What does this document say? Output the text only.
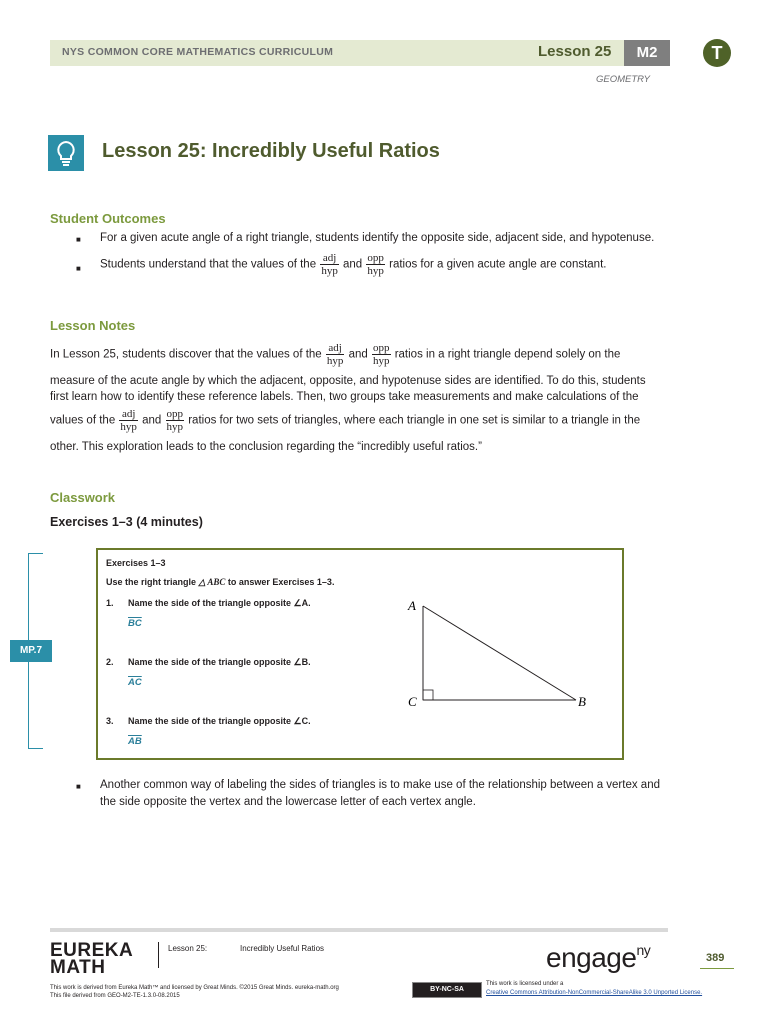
NYS COMMON CORE MATHEMATICS CURRICULUM	Lesson 25	M2
GEOMETRY
T
Lesson 25: Incredibly Useful Ratios
Student Outcomes
■ For a given acute angle of a right triangle, students identify the opposite side, adjacent side, and hypotenuse.
■ Students understand that the values of the $\frac{\text{adj}}{\text{hyp}}$ and $\frac{\text{opp}}{\text{hyp}}$ ratios for a given acute angle are constant.
Lesson Notes
In Lesson 25, students discover that the values of the $\frac{\text{adj}}{\text{hyp}}$ and $\frac{\text{opp}}{\text{hyp}}$ ratios in a right triangle depend solely on the
measure of the acute angle by which the adjacent, opposite, and hypotenuse sides are identified. To do this, students
first learn how to identify these reference labels. Then, two groups take measurements and make calculations of the
values of the $\frac{\text{adj}}{\text{hyp}}$ and $\frac{\text{opp}}{\text{hyp}}$ ratios for two sets of triangles, where each triangle in one set is similar to a triangle in the
other. This exploration leads to the conclusion regarding the “incredibly useful ratios.”
Classwork
Exercises 1–3 (4 minutes)
MP.7
Exercises 1–3
Use the right triangle △ ABC to answer Exercises 1–3.
1. Name the side of the triangle opposite ∠A.
$\overline{BC}$
2. Name the side of the triangle opposite ∠B.
$\overline{AC}$
3. Name the side of the triangle opposite ∠C.
$\overline{AB}$
A
C	B
■ Another common way of labeling the sides of triangles is to make use of the relationship between a vertex and
the side opposite the vertex and the lowercase letter of each vertex angle.
EUREKA
MATH
Lesson 25:	Incredibly Useful Ratios
This work is derived from Eureka Math™ and licensed by Great Minds. ©2015 Great Minds. eureka-math.org
This file derived from GEO-M2-TE-1.3.0-08.2015
engage$^{ny}$	389
BY-NC-SA
This work is licensed under a
Creative Commons Attribution-NonCommercial-ShareAlike 3.0 Unported License.
